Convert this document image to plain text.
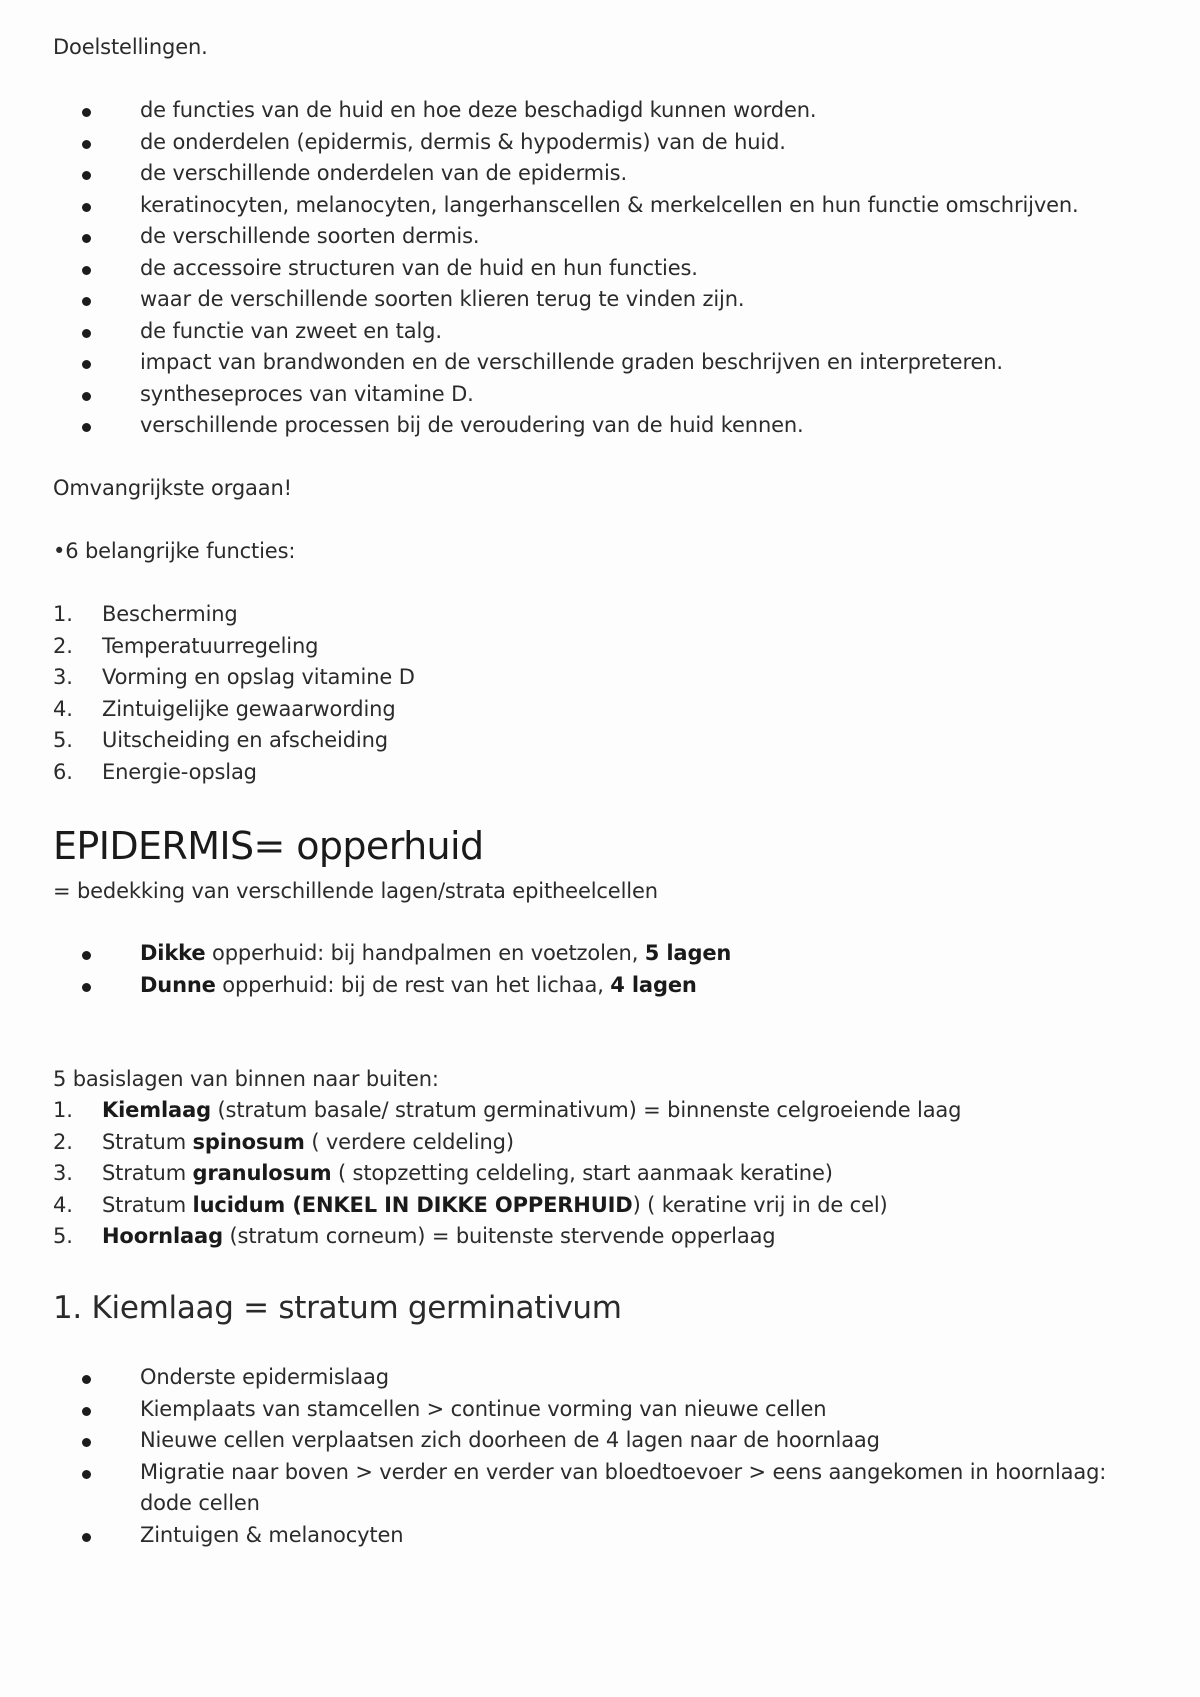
Doelstellingen.

de functies van de huid en hoe deze beschadigd kunnen worden.
de onderdelen (epidermis, dermis & hypodermis) van de huid.
de verschillende onderdelen van de epidermis.
keratinocyten, melanocyten, langerhanscellen & merkelcellen en hun functie omschrijven.
de verschillende soorten dermis.
de accessoire structuren van de huid en hun functies.
waar de verschillende soorten klieren terug te vinden zijn.
de functie van zweet en talg.
impact van brandwonden en de verschillende graden beschrijven en interpreteren.
syntheseproces van vitamine D.
verschillende processen bij de veroudering van de huid kennen.

Omvangrijkste orgaan!

•6 belangrijke functies:

1. Bescherming
2. Temperatuurregeling
3. Vorming en opslag vitamine D
4. Zintuigelijke gewaarwording
5. Uitscheiding en afscheiding
6. Energie-opslag
EPIDERMIS= opperhuid

= bedekking van verschillende lagen/strata epitheelcellen

Dikke opperhuid: bij handpalmen en voetzolen, 5 lagen
Dunne opperhuid: bij de rest van het lichaa, 4 lagen

5 basislagen van binnen naar buiten:

1. Kiemlaag (stratum basale/ stratum germinativum) = binnenste celgroeiende laag
2. Stratum spinosum ( verdere celdeling)
3. Stratum granulosum ( stopzetting celdeling, start aanmaak keratine)
4. Stratum lucidum (ENKEL IN DIKKE OPPERHUID) ( keratine vrij in de cel)
5. Hoornlaag (stratum corneum) = buitenste stervende opperlaag
1. Kiemlaag = stratum germinativum
Onderste epidermislaag
Kiemplaats van stamcellen > continue vorming van nieuwe cellen
Nieuwe cellen verplaatsen zich doorheen de 4 lagen naar de hoornlaag
Migratie naar boven > verder en verder van bloedtoevoer > eens aangekomen in hoornlaag: dode cellen
Zintuigen & melanocyten
